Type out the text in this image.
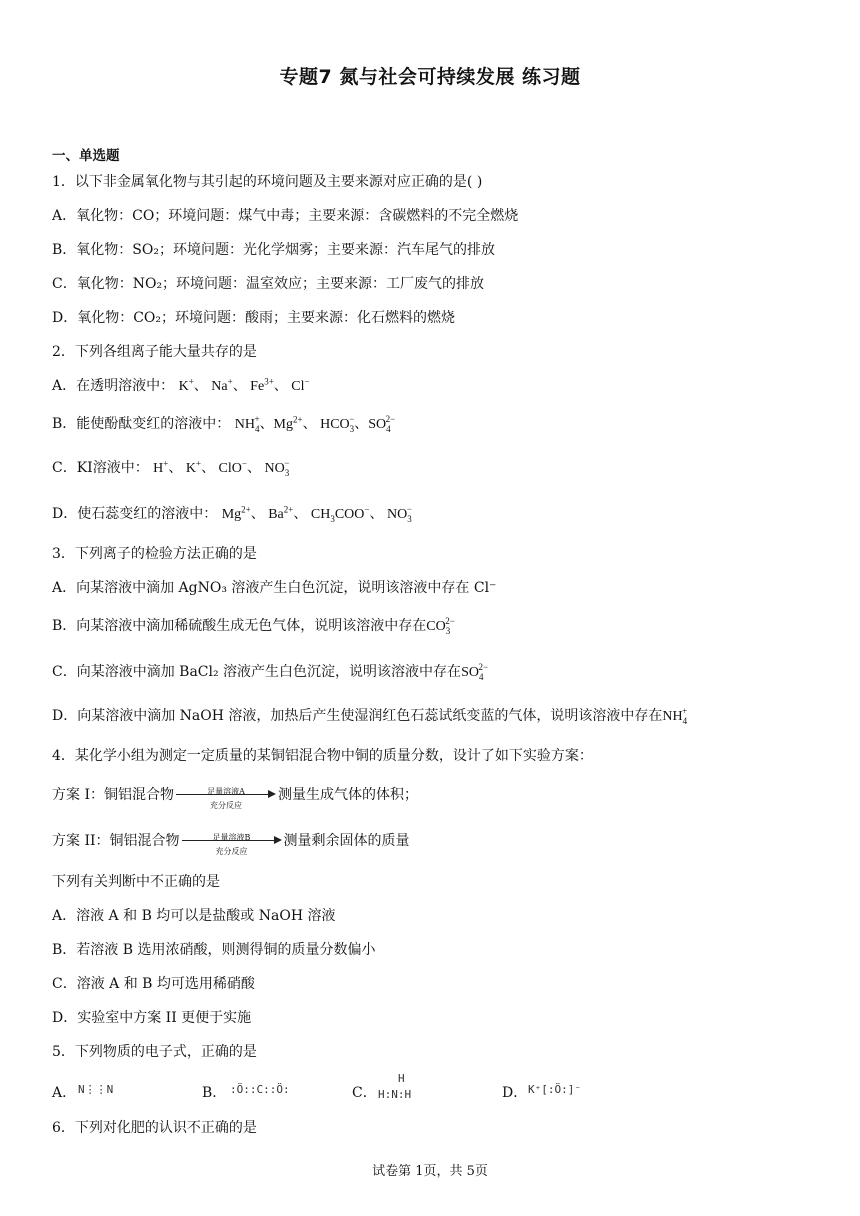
专题7 氮与社会可持续发展 练习题
一、单选题
1．以下非金属氧化物与其引起的环境问题及主要来源对应正确的是( )
A．氧化物：CO；环境问题：煤气中毒；主要来源：含碳燃料的不完全燃烧
B．氧化物：SO₂；环境问题：光化学烟雾；主要来源：汽车尾气的排放
C．氧化物：NO₂；环境问题：温室效应；主要来源：工厂废气的排放
D．氧化物：CO₂；环境问题：酸雨；主要来源：化石燃料的燃烧
2．下列各组离子能大量共存的是
A．在透明溶液中： K+、 Na+、 $Fe^{3+}$、 Cl−
B．能使酚酞变红的溶液中： $NH_4^+$、$Mg^{2+}$、 $HCO_3^-$、$SO_4^{2-}$
C．KI溶液中： H+、 K+、 ClO−、 $NO_3^-$
D．使石蕊变红的溶液中： $Mg^{2+}$、 $Ba^{2+}$、 $CH_3COO^-$、 $NO_3^-$
3．下列离子的检验方法正确的是
A．向某溶液中滴加 AgNO₃ 溶液产生白色沉淀，说明该溶液中存在 Cl⁻
B．向某溶液中滴加稀硫酸生成无色气体，说明该溶液中存在$CO_3^{2-}$
C．向某溶液中滴加 BaCl₂ 溶液产生白色沉淀，说明该溶液中存在$SO_4^{2-}$
D．向某溶液中滴加 NaOH 溶液，加热后产生使湿润红色石蕊试纸变蓝的气体，说明该溶液中存在$NH_4^+$
4．某化学小组为测定一定质量的某铜铝混合物中铜的质量分数，设计了如下实验方案：
方案 I：铜铝混合物	足量溶液A
充分反应
测量生成气体的体积；
方案 II：铜铝混合物	足量溶液B
充分反应
测量剩余固体的质量
下列有关判断中不正确的是
A．溶液 A 和 B 均可以是盐酸或 NaOH 溶液
B．若溶液 B 选用浓硝酸，则测得铜的质量分数偏小
C．溶液 A 和 B 均可选用稀硝酸
D．实验室中方案 II 更便于实施
5．下列物质的电子式，正确的是
A． N⋮⋮N	B． :Ö::C::Ö:	C．
H
H:N:H	D． K⁺[:Ö:]⁻
6．下列对化肥的认识不正确的是
试卷第 1页，共 5页
